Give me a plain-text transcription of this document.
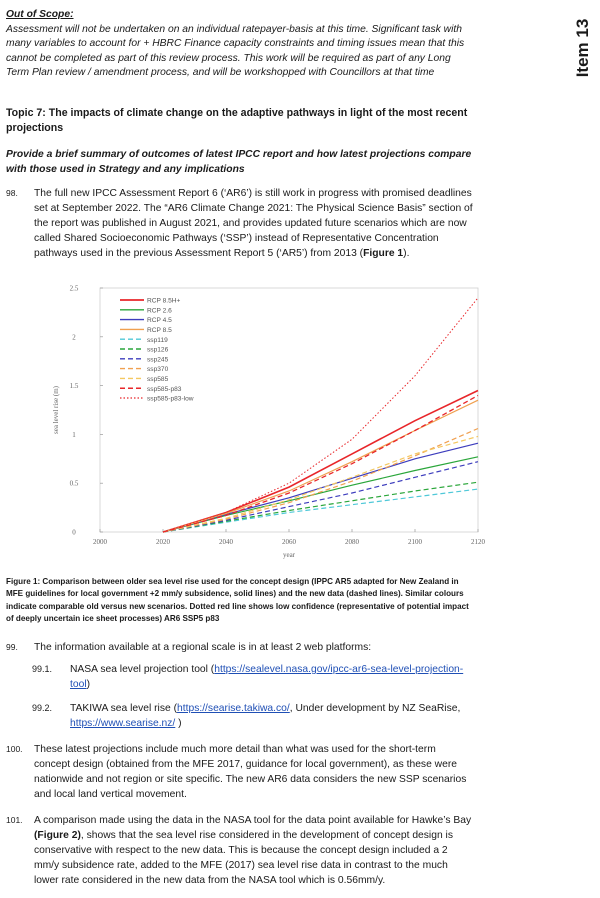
Out of Scope:
Assessment will not be undertaken on an individual ratepayer-basis at this time. Significant task with
many variables to account for + HBRC Finance capacity constraints and timing issues mean that this
cannot be completed as part of this review process. This work will be required as part of any Long
Term Plan review / amendment process, and will be workshopped with Councillors at that time	Item 13
Topic 7: The impacts of climate change on the adaptive pathways in light of the most recent
projections
Provide a brief summary of outcomes of latest IPCC report and how latest projections compare
with those used in Strategy and any implications
98. The full new IPCC Assessment Report 6 (‘AR6’) is still work in progress with promised deadlines
set at September 2022. The “AR6 Climate Change 2021: The Physical Science Basis” section of
the report was published in August 2021, and provides updated future scenarios which are now
called Shared Socioeconomic Pathways (‘SSP’) instead of Representative Concentration
pathways used in the previous Assessment Report 5 (‘AR5’) from 2013 (Figure 1).
2000	2020	2040	2060	2080	2100	2120
0
0.5
1
1.5
2
2.5
year
sea level rise (m)
RCP 8.5H+
RCP 2.6
RCP 4.5
RCP 8.5
ssp119
ssp126
ssp245
ssp370
ssp585
ssp585-p83
ssp585-p83-low
Figure 1: Comparison between older sea level rise used for the concept design (IPPC AR5 adapted for New Zealand in
MFE guidelines for local government +2 mm/y subsidence, solid lines) and the new data (dashed lines). Similar colours
indicate comparable old versus new scenarios. Dotted red line shows low confidence (representative of potential impact
of deeply uncertain ice sheet processes) AR6 SSP5 p83
99. The information available at a regional scale is in at least 2 web platforms:
99.1. NASA sea level projection tool (https://sealevel.nasa.gov/ipcc-ar6-sea-level-projection-
tool)
99.2. TAKIWA sea level rise (https://searise.takiwa.co/, Under development by NZ SeaRise,
https://www.searise.nz/ )
100. These latest projections include much more detail than what was used for the short-term
concept design (obtained from the MFE 2017, guidance for local government), as these were
nationwide and not region or site specific. The new AR6 data considers the new SSP scenarios
and local land vertical movement.
101. A comparison made using the data in the NASA tool for the data point available for Hawke’s Bay
(Figure 2), shows that the sea level rise considered in the development of concept design is
conservative with respect to the new data. This is because the concept design included a 2
mm/y subsidence rate, added to the MFE (2017) sea level rise data in contrast to the much
lower rate considered in the new data from the NASA tool which is 0.56mm/y.
